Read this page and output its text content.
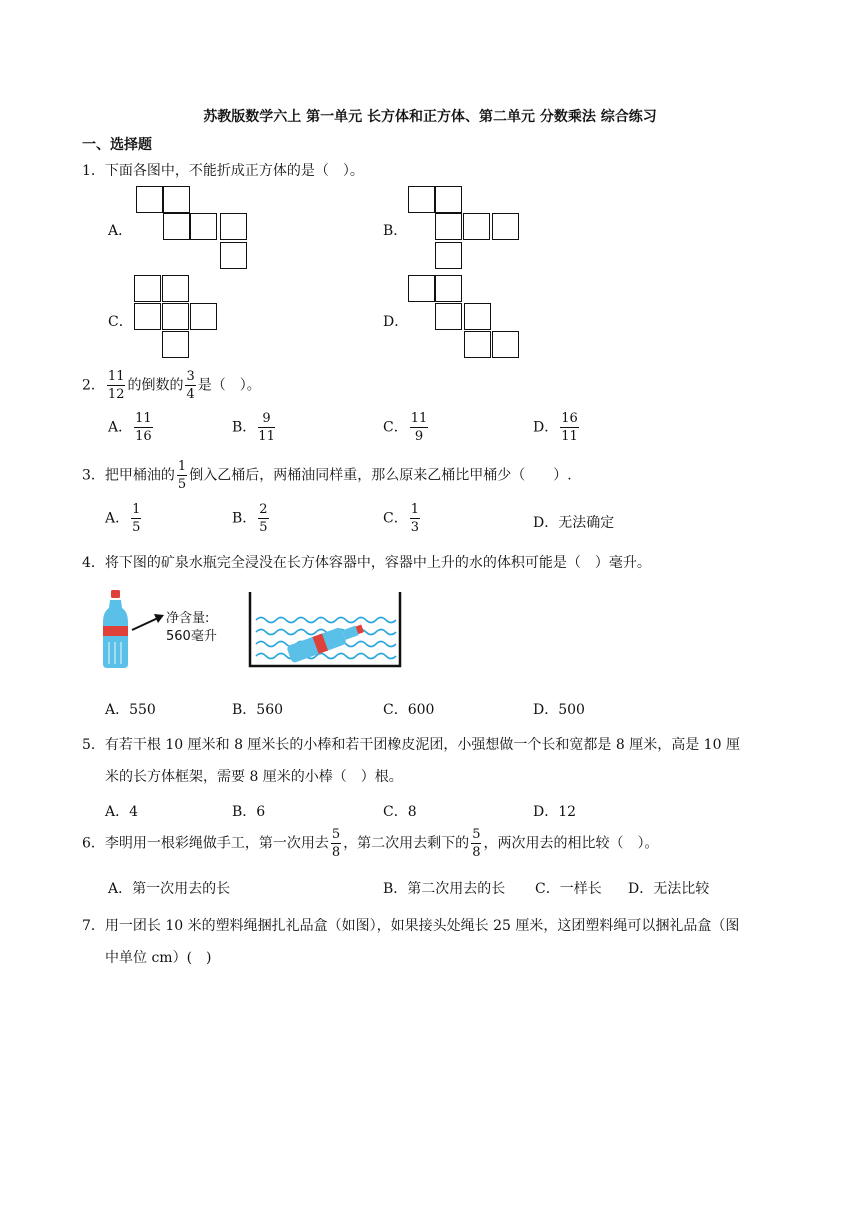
苏教版数学六上 第一单元 长方体和正方体、第二单元 分数乘法 综合练习
一、选择题
1．下面各图中，不能折成正方体的是（　）。
A．	B．
C．	D．
2． $\frac{11}{12}$ 的倒数的 $\frac{3}{4}$ 是（　）。
A． $\frac{11}{16}$	B． $\frac{9}{11}$	C． $\frac{11}{9}$	D． $\frac{16}{11}$
3．把甲桶油的 $\frac{1}{5}$ 倒入乙桶后，两桶油同样重，那么原来乙桶比甲桶少（　　）.
A． $\frac{1}{5}$	B． $\frac{2}{5}$	C． $\frac{1}{3}$	D．无法确定
4．将下图的矿泉水瓶完全浸没在长方体容器中，容器中上升的水的体积可能是（　）毫升。
净含量:
560毫升
A．550	B．560	C．600	D．500
5．有若干根 10 厘米和 8 厘米长的小棒和若干团橡皮泥团，小强想做一个长和宽都是 8 厘米，高是 10 厘
米的长方体框架，需要 8 厘米的小棒（　）根。
A．4	B．6	C．8	D．12
6．李明用一根彩绳做手工，第一次用去 $\frac{5}{8}$ ，第二次用去剩下的 $\frac{5}{8}$ ，两次用去的相比较（　）。
A．第一次用去的长	B．第二次用去的长 C．一样长 D．无法比较
7．用一团长 10 米的塑料绳捆扎礼品盒（如图），如果接头处绳长 25 厘米，这团塑料绳可以捆礼品盒（图
中单位 cm）(　)
